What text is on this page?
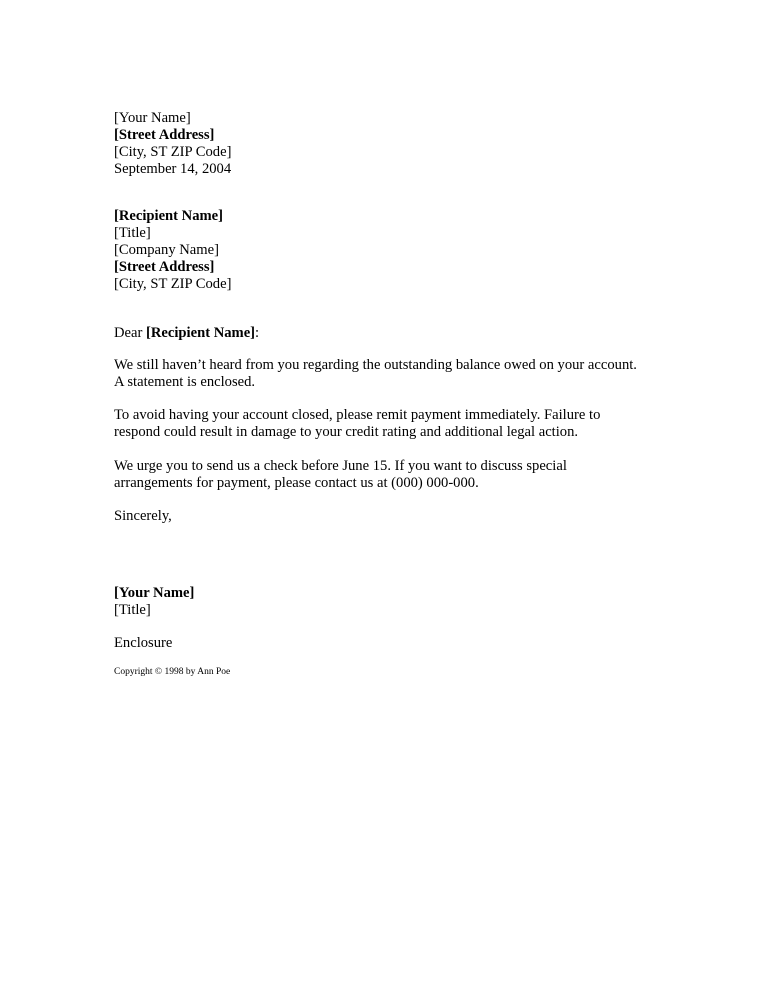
[Your Name]
[Street Address]
[City, ST ZIP Code]
September 14, 2004
[Recipient Name]
[Title]
[Company Name]
[Street Address]
[City, ST ZIP Code]
Dear [Recipient Name]:
We still haven’t heard from you regarding the outstanding balance owed on your account.
A statement is enclosed.
To avoid having your account closed, please remit payment immediately. Failure to
respond could result in damage to your credit rating and additional legal action.
We urge you to send us a check before June 15. If you want to discuss special
arrangements for payment, please contact us at (000) 000-000.
Sincerely,
[Your Name]
[Title]
Enclosure
Copyright © 1998 by Ann Poe
